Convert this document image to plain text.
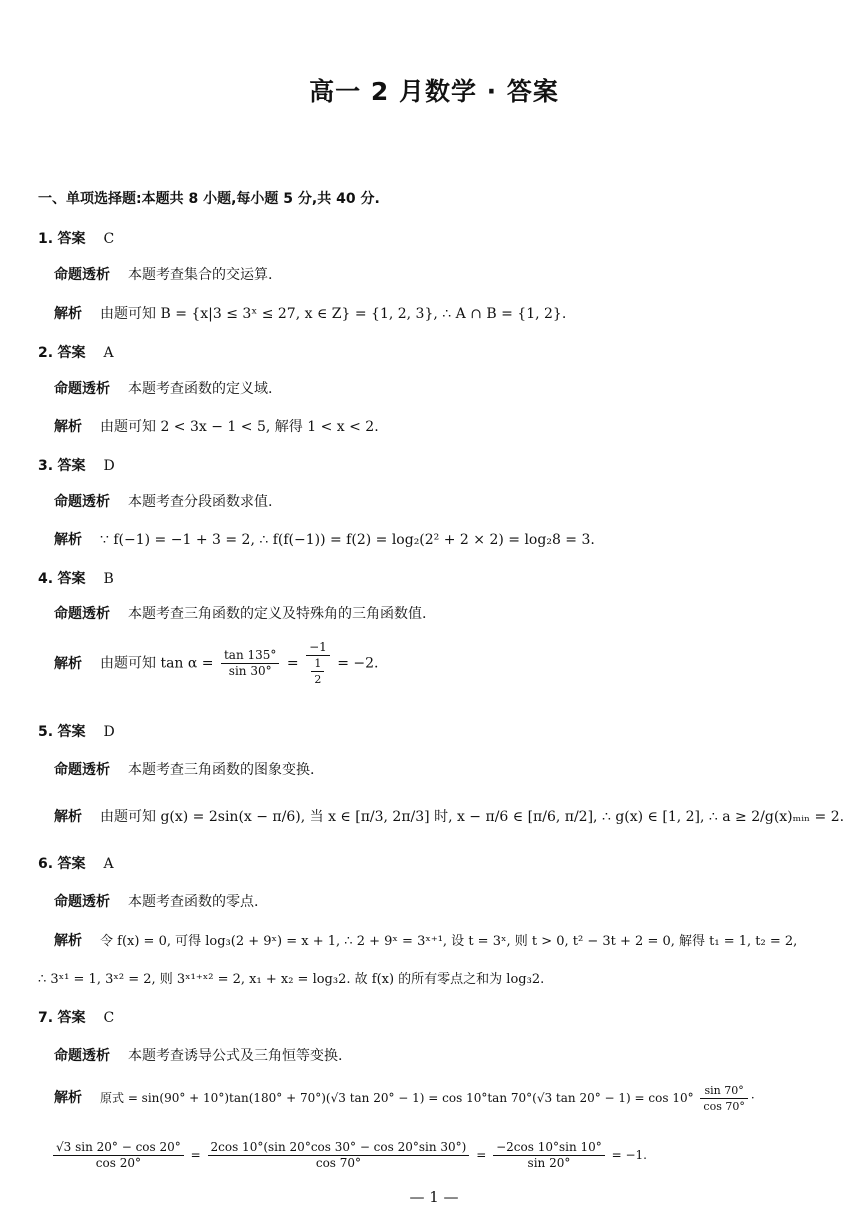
高一 2 月数学 · 答案
一、单项选择题:本题共 8 小题,每小题 5 分,共 40 分.
1. 答案 C
命题透析 本题考查集合的交运算.
解析 由题可知 B = {x|3 ≤ 3ˣ ≤ 27, x ∈ Z} = {1, 2, 3}, ∴ A ∩ B = {1, 2}.
2. 答案 A
命题透析 本题考查函数的定义域.
解析 由题可知 2 < 3x − 1 < 5, 解得 1 < x < 2.
3. 答案 D
命题透析 本题考查分段函数求值.
解析 ∵ f(−1) = −1 + 3 = 2, ∴ f(f(−1)) = f(2) = log₂(2² + 2 × 2) = log₂8 = 3.
4. 答案 B
命题透析 本题考查三角函数的定义及特殊角的三角函数值.
解析 由题可知 $\tan \alpha = \frac{\tan 135^\circ}{\sin 30^\circ} = \frac{-1}{\frac{1}{2}} = -2$.
5. 答案 D
命题透析 本题考查三角函数的图象变换.
解析 由题可知 g(x) = 2sin(x − π/6), 当 x ∈ [π/3, 2π/3] 时, x − π/6 ∈ [π/6, π/2], ∴ g(x) ∈ [1, 2], ∴ a ≥ 2/g(x)ₘᵢₙ = 2.
6. 答案 A
命题透析 本题考查函数的零点.
解析 令 f(x) = 0, 可得 log₃(2 + 9ˣ) = x + 1, ∴ 2 + 9ˣ = 3ˣ⁺¹, 设 t = 3ˣ, 则 t > 0, t² − 3t + 2 = 0, 解得 t₁ = 1, t₂ = 2,
∴ 3ˣ¹ = 1, 3ˣ² = 2, 则 3ˣ¹⁺ˣ² = 2, x₁ + x₂ = log₃2. 故 f(x) 的所有零点之和为 log₃2.
7. 答案 C
命题透析 本题考查诱导公式及三角恒等变换.
解析 原式 = sin(90° + 10°)tan(180° + 70°)(√3 tan 20° − 1) = cos 10°tan 70°(√3 $\tan 20^\circ - 1) = \cos 10^\circ \frac{\sin 70^\circ}{\cos 70^\circ}$ ·
$\frac{√3 \sin 20^\circ - \cos 20^\circ}{\cos 20^\circ} = \frac{2\cos 10^\circ(\sin 20^\circ\cos 30^\circ - \cos 20^\circ\sin 30^\circ)}{\cos 70^\circ} = \frac{-2\cos 10^\circ\sin 10^\circ}{\sin 20^\circ} = -1$.
— 1 —
